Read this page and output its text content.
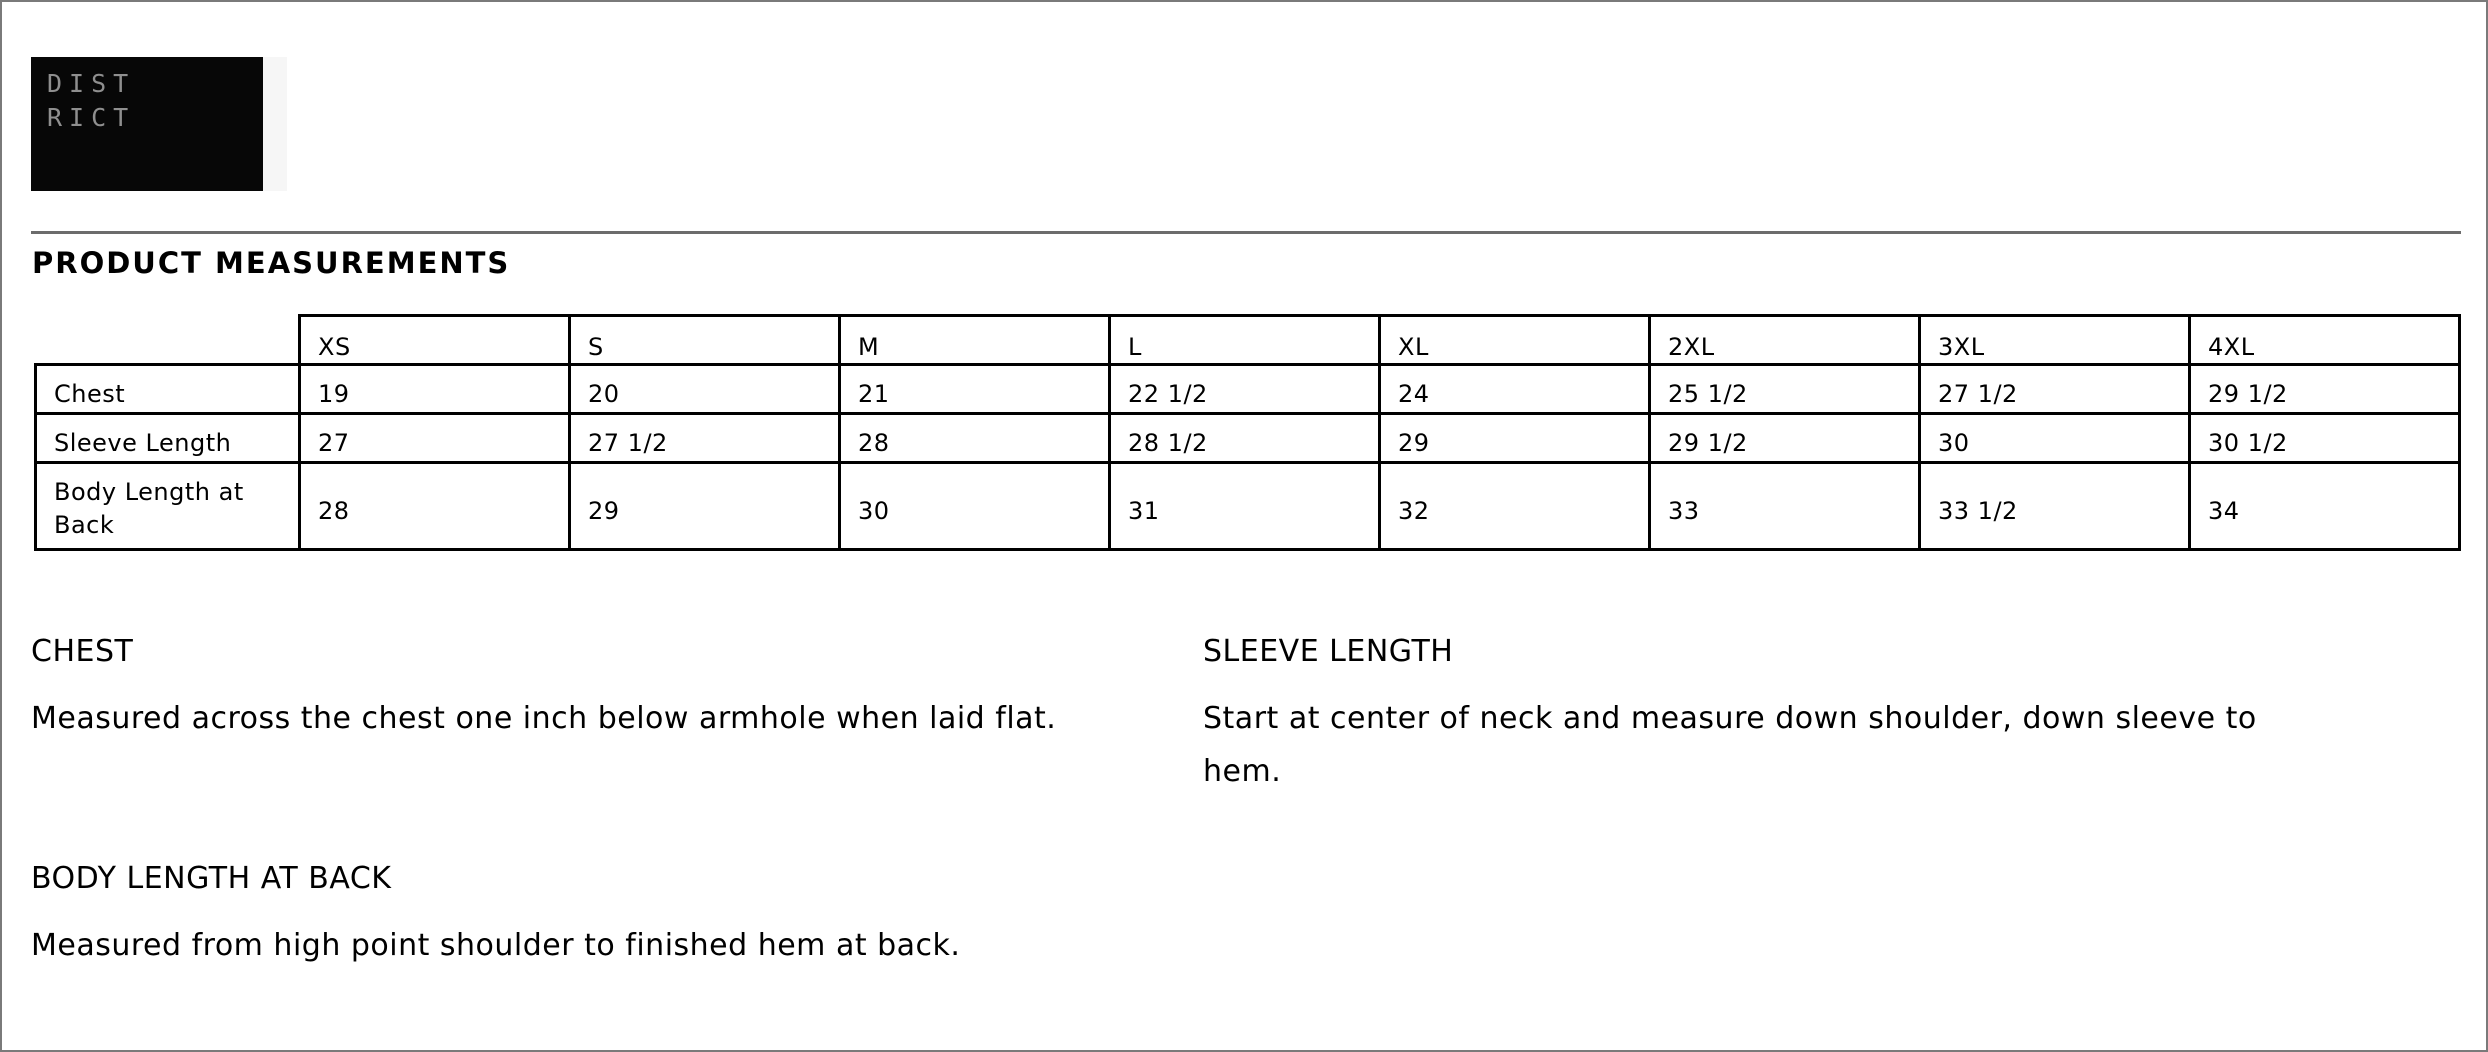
DIST
RICT
PRODUCT MEASUREMENTS
	XS	S	M	L	XL	2XL	3XL	4XL
Chest	19	20	21	22 1/2	24	25 1/2	27 1/2	29 1/2
Sleeve Length	27	27 1/2	28	28 1/2	29	29 1/2	30	30 1/2
Body Length at Back	28	29	30	31	32	33	33 1/2	34
CHEST
Measured across the chest one inch below armhole when laid flat.
SLEEVE LENGTH
Start at center of neck and measure down shoulder, down sleeve to hem.
BODY LENGTH AT BACK
Measured from high point shoulder to finished hem at back.
